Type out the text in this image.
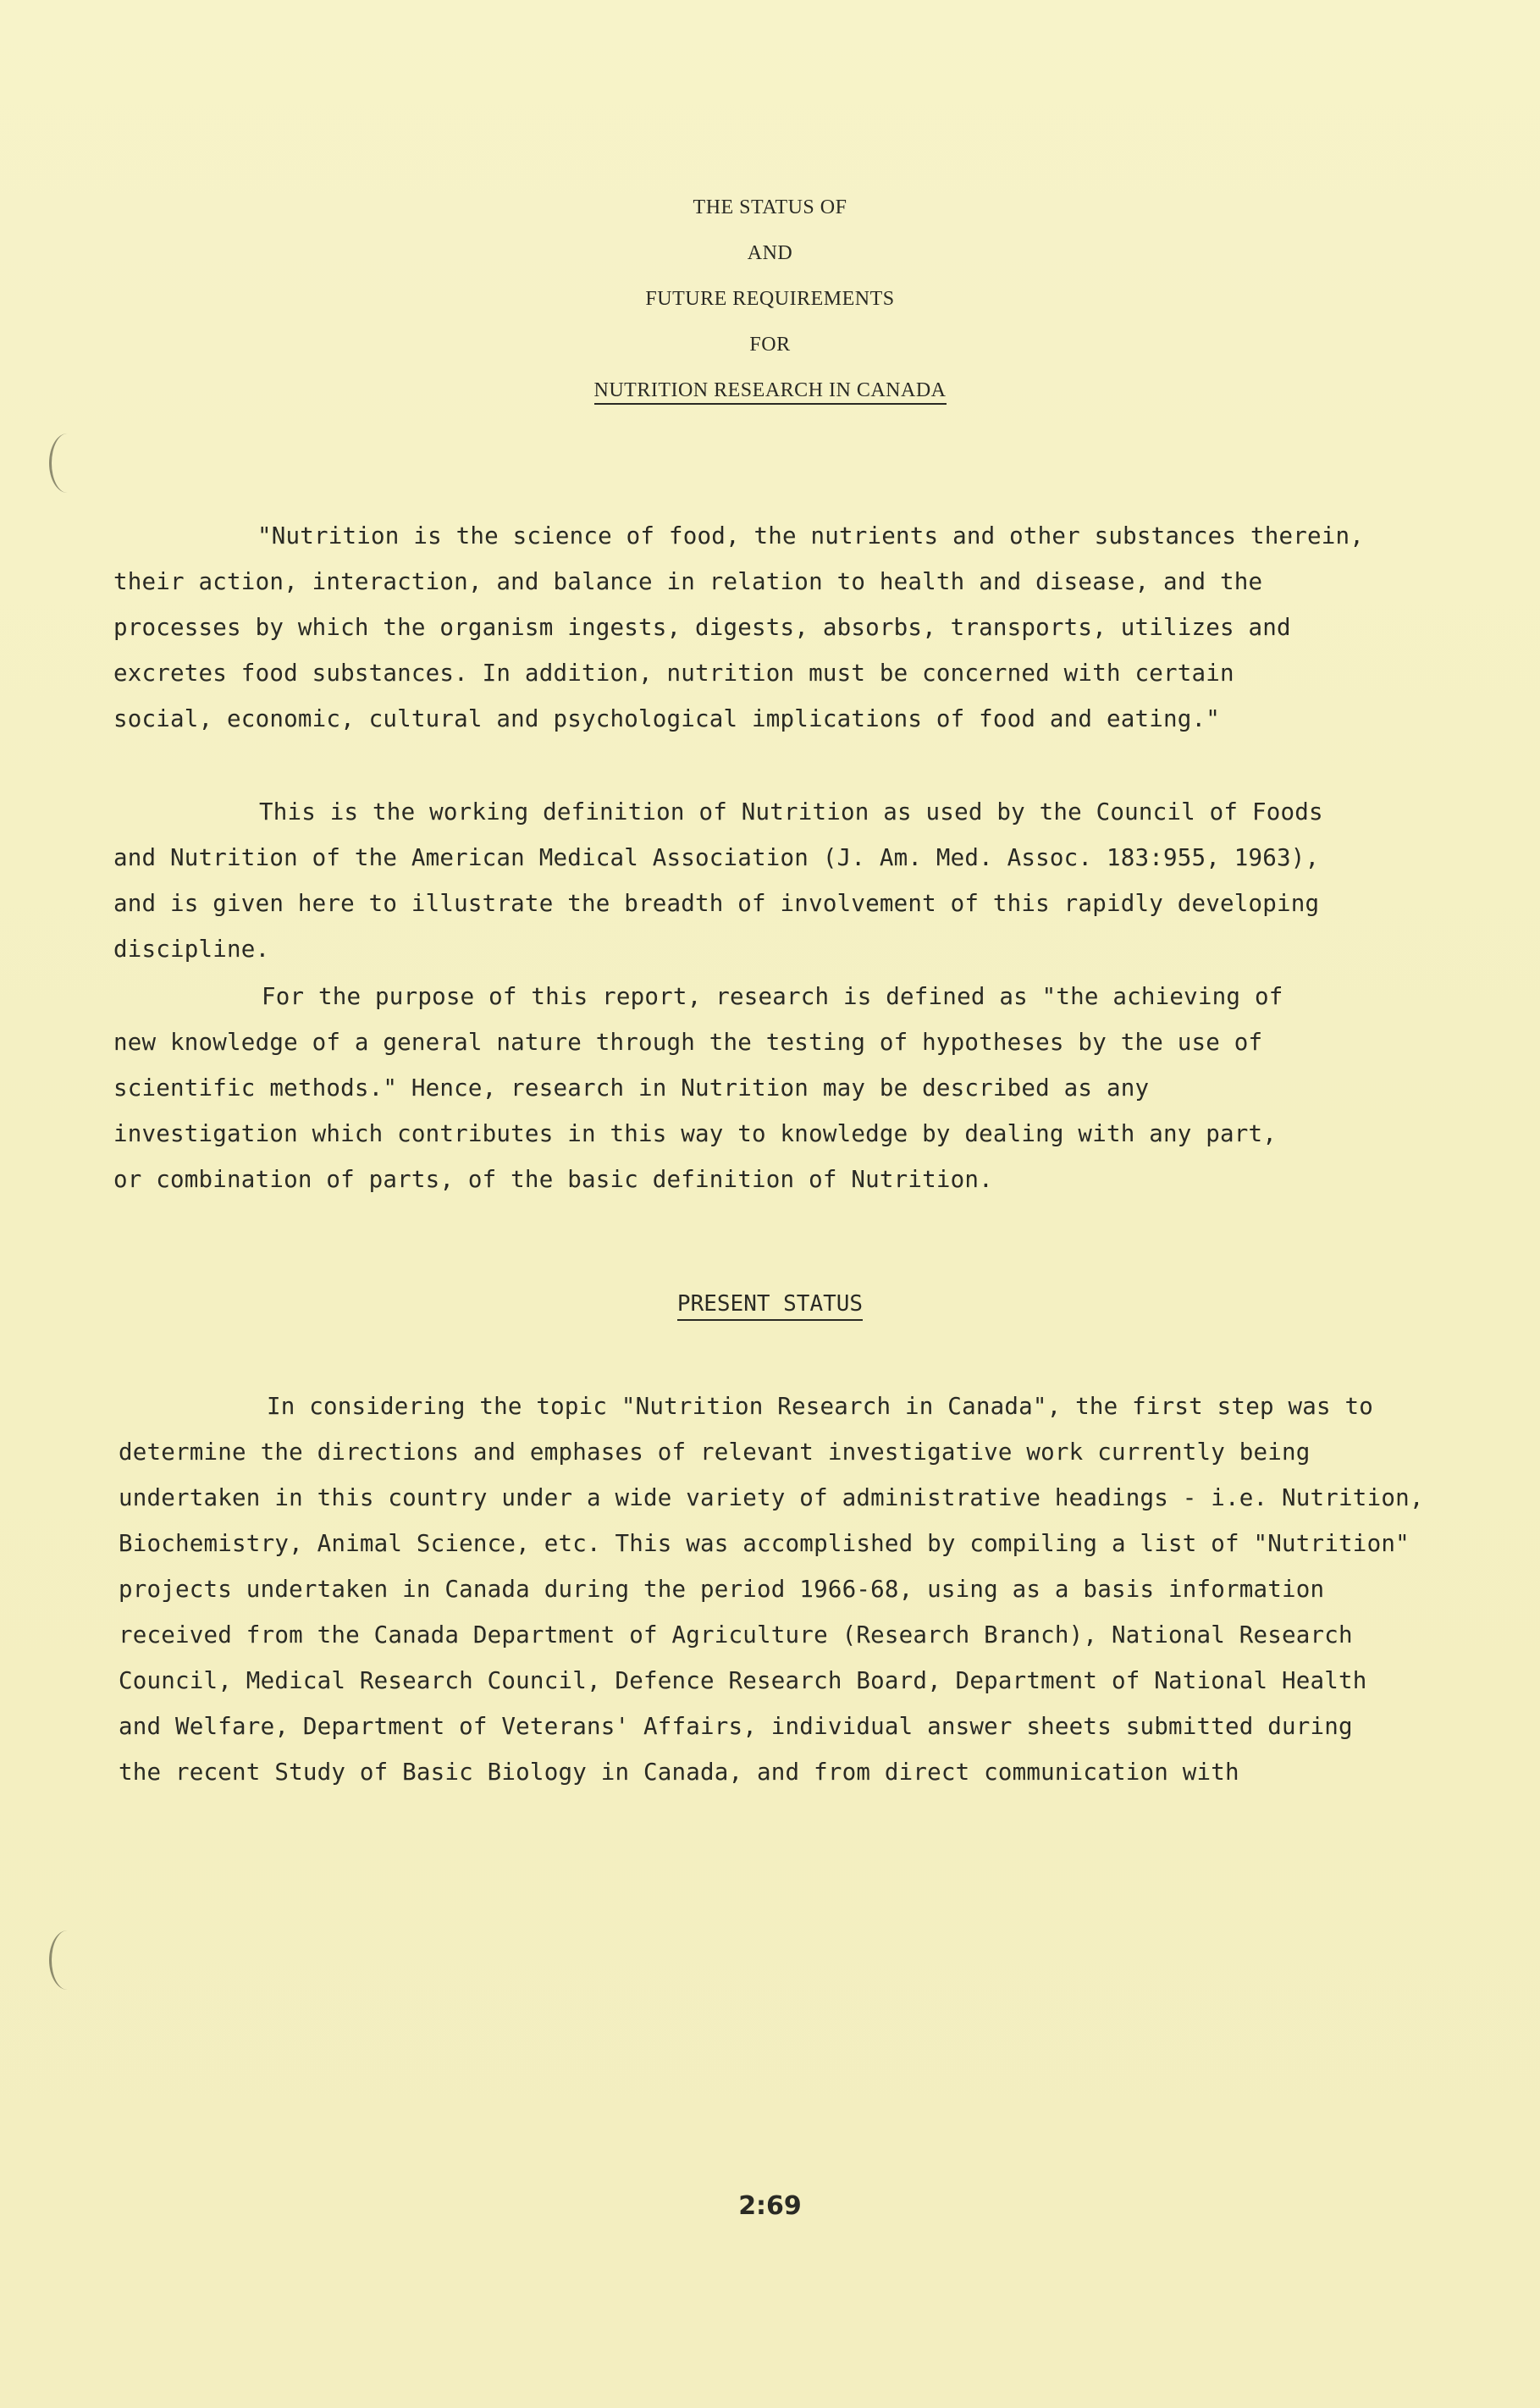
THE STATUS OF
AND
FUTURE REQUIREMENTS
FOR
NUTRITION RESEARCH IN CANADA
"Nutrition is the science of food, the nutrients and other substances therein,
their action, interaction, and balance in relation to health and disease, and the
processes by which the organism ingests, digests, absorbs, transports, utilizes and
excretes food substances. In addition, nutrition must be concerned with certain
social, economic, cultural and psychological implications of food and eating."
This is the working definition of Nutrition as used by the Council of Foods
and Nutrition of the American Medical Association (J. Am. Med. Assoc. 183:955, 1963),
and is given here to illustrate the breadth of involvement of this rapidly developing
discipline.
For the purpose of this report, research is defined as "the achieving of
new knowledge of a general nature through the testing of hypotheses by the use of
scientific methods." Hence, research in Nutrition may be described as any
investigation which contributes in this way to knowledge by dealing with any part,
or combination of parts, of the basic definition of Nutrition.
PRESENT STATUS
In considering the topic "Nutrition Research in Canada", the first step was to
determine the directions and emphases of relevant investigative work currently being
undertaken in this country under a wide variety of administrative headings - i.e. Nutrition,
Biochemistry, Animal Science, etc. This was accomplished by compiling a list of "Nutrition"
projects undertaken in Canada during the period 1966-68, using as a basis information
received from the Canada Department of Agriculture (Research Branch), National Research
Council, Medical Research Council, Defence Research Board, Department of National Health
and Welfare, Department of Veterans' Affairs, individual answer sheets submitted during
the recent Study of Basic Biology in Canada, and from direct communication with
2:69
